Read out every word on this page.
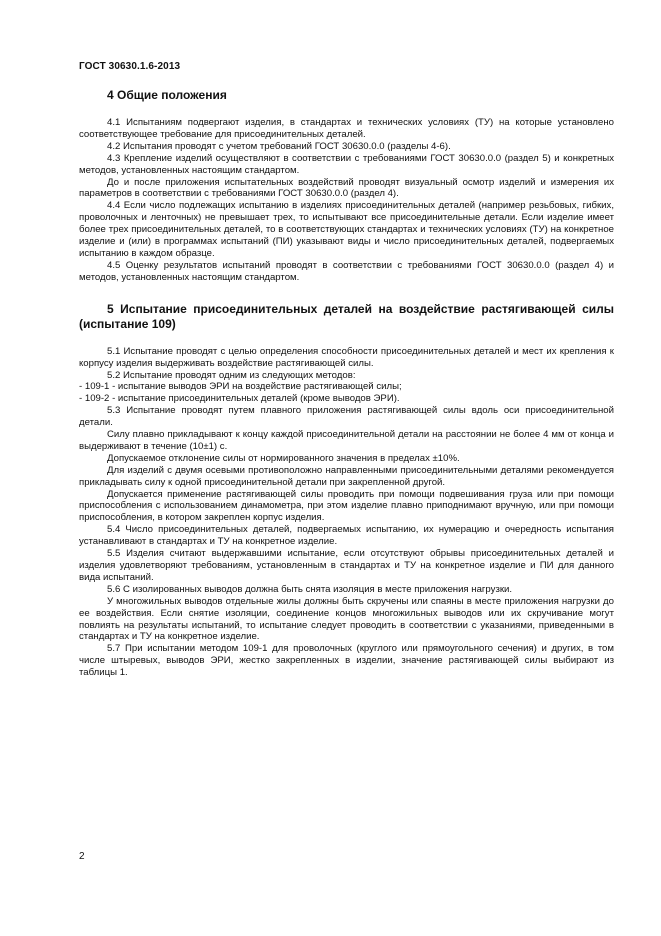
ГОСТ 30630.1.6-2013
4 Общие положения

4.1 Испытаниям подвергают изделия, в стандартах и технических условиях (ТУ) на которые установлено соответствующее требование для присоединительных деталей.

4.2 Испытания проводят с учетом требований ГОСТ 30630.0.0 (разделы 4-6).

4.3 Крепление изделий осуществляют в соответствии с требованиями ГОСТ 30630.0.0 (раздел 5) и конкретных методов, установленных настоящим стандартом.

До и после приложения испытательных воздействий проводят визуальный осмотр изделий и измерения их параметров в соответствии с требованиями ГОСТ 30630.0.0 (раздел 4).

4.4 Если число подлежащих испытанию в изделиях присоединительных деталей (например резьбовых, гибких, проволочных и ленточных) не превышает трех, то испытывают все присоединительные детали. Если изделие имеет более трех присоединительных деталей, то в соответствующих стандартах и технических условиях (ТУ) на конкретное изделие и (или) в программах испытаний (ПИ) указывают виды и число присоединительных деталей, подвергаемых испытанию в каждом образце.

4.5 Оценку результатов испытаний проводят в соответствии с требованиями ГОСТ 30630.0.0 (раздел 4) и методов, установленных настоящим стандартом.

5 Испытание присоединительных деталей на воздействие растягивающей силы (испытание 109)

5.1 Испытание проводят с целью определения способности присоединительных деталей и мест их крепления к корпусу изделия выдерживать воздействие растягивающей силы.

5.2 Испытание проводят одним из следующих методов:

- 109-1 - испытание выводов ЭРИ на воздействие растягивающей силы;

- 109-2 - испытание присоединительных деталей (кроме выводов ЭРИ).

5.3 Испытание проводят путем плавного приложения растягивающей силы вдоль оси присоединительной детали.

Силу плавно прикладывают к концу каждой присоединительной детали на расстоянии не более 4 мм от конца и выдерживают в течение (10±1) с.

Допускаемое отклонение силы от нормированного значения в пределах ±10%.

Для изделий с двумя осевыми противоположно направленными присоединительными деталями рекомендуется прикладывать силу к одной присоединительной детали при закрепленной другой.

Допускается применение растягивающей силы проводить при помощи подвешивания груза или при помощи приспособления с использованием динамометра, при этом изделие плавно приподнимают вручную, или при помощи приспособления, в котором закреплен корпус изделия.

5.4 Число присоединительных деталей, подвергаемых испытанию, их нумерацию и очередность испытания устанавливают в стандартах и ТУ на конкретное изделие.

5.5 Изделия считают выдержавшими испытание, если отсутствуют обрывы присоединительных деталей и изделия удовлетворяют требованиям, установленным в стандартах и ТУ на конкретное изделие и ПИ для данного вида испытаний.

5.6 С изолированных выводов должна быть снята изоляция в месте приложения нагрузки.

У многожильных выводов отдельные жилы должны быть скручены или спаяны в месте приложения нагрузки до ее воздействия. Если снятие изоляции, соединение концов многожильных выводов или их скручивание могут повлиять на результаты испытаний, то испытание следует проводить в соответствии с указаниями, приведенными в стандартах и ТУ на конкретное изделие.

5.7 При испытании методом 109-1 для проволочных (круглого или прямоугольного сечения) и других, в том числе штыревых, выводов ЭРИ, жестко закрепленных в изделии, значение растягивающей силы выбирают из таблицы 1.

2
